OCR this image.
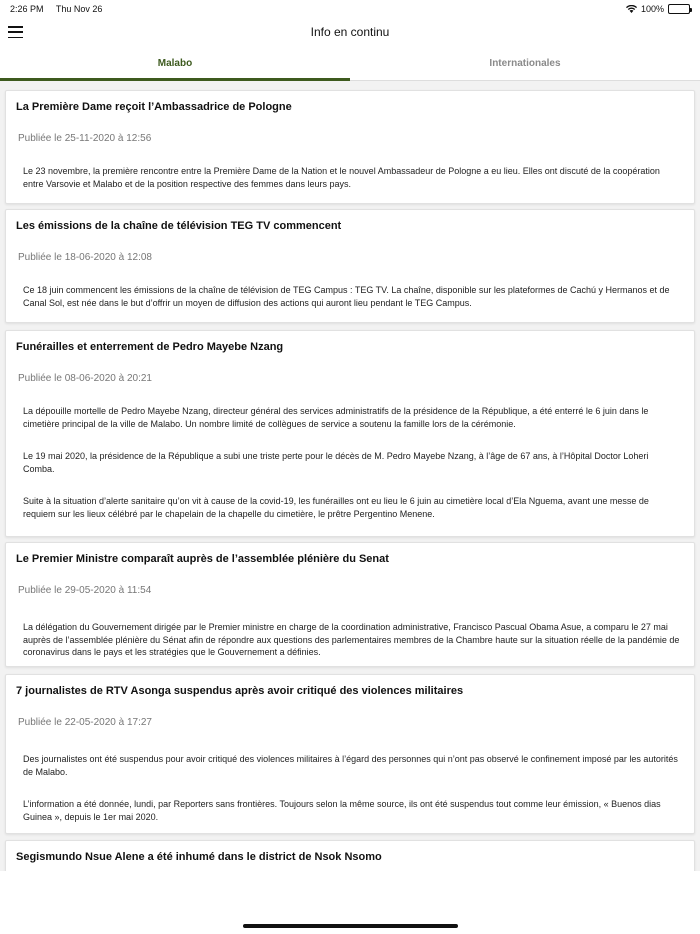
2:26 PM Thu Nov 26	100%
Info en continu
Malabo	Internationales
La Première Dame reçoit l’Ambassadrice de Pologne
Publiée le 25-11-2020 à 12:56

Le 23 novembre, la première rencontre entre la Première Dame de la Nation et le nouvel Ambassadeur de Pologne a eu lieu. Elles ont discuté de la coopération entre Varsovie et Malabo et de la position respective des femmes dans leurs pays.

Les émissions de la chaîne de télévision TEG TV commencent
Publiée le 18-06-2020 à 12:08

Ce 18 juin commencent les émissions de la chaîne de télévision de TEG Campus : TEG TV. La chaîne, disponible sur les plateformes de Cachú y Hermanos et de Canal Sol, est née dans le but d’offrir un moyen de diffusion des actions qui auront lieu pendant le TEG Campus.

Funérailles et enterrement de Pedro Mayebe Nzang
Publiée le 08-06-2020 à 20:21

La dépouille mortelle de Pedro Mayebe Nzang, directeur général des services administratifs de la présidence de la République, a été enterré le 6 juin dans le cimetière principal de la ville de Malabo. Un nombre limité de collègues de service a soutenu la famille lors de la cérémonie.

Le 19 mai 2020, la présidence de la République a subi une triste perte pour le décès de M. Pedro Mayebe Nzang, à l’âge de 67 ans, à l’Hôpital Doctor Loheri Comba.

Suite à la situation d’alerte sanitaire qu’on vit à cause de la covid-19, les funérailles ont eu lieu le 6 juin au cimetière local d’Ela Nguema, avant une messe de requiem sur les lieux célébré par le chapelain de la chapelle du cimetière, le prêtre Pergentino Menene.

Le Premier Ministre comparaît auprès de l’assemblée plénière du Senat
Publiée le 29-05-2020 à 11:54

La délégation du Gouvernement dirigée par le Premier ministre en charge de la coordination administrative, Francisco Pascual Obama Asue, a comparu le 27 mai auprès de l’assemblée plénière du Sénat afin de répondre aux questions des parlementaires membres de la Chambre haute sur la situation réelle de la pandémie de coronavirus dans le pays et les stratégies que le Gouvernement a définies.

7 journalistes de RTV Asonga suspendus après avoir critiqué des violences militaires
Publiée le 22-05-2020 à 17:27

Des journalistes ont été suspendus pour avoir critiqué des violences militaires à l’égard des personnes qui n’ont pas observé le confinement imposé par les autorités de Malabo.

L’information a été donnée, lundi, par Reporters sans frontières. Toujours selon la même source, ils ont été suspendus tout comme leur émission, « Buenos dias Guinea », depuis le 1er mai 2020.

Segismundo Nsue Alene a été inhumé dans le district de Nsok Nsomo
